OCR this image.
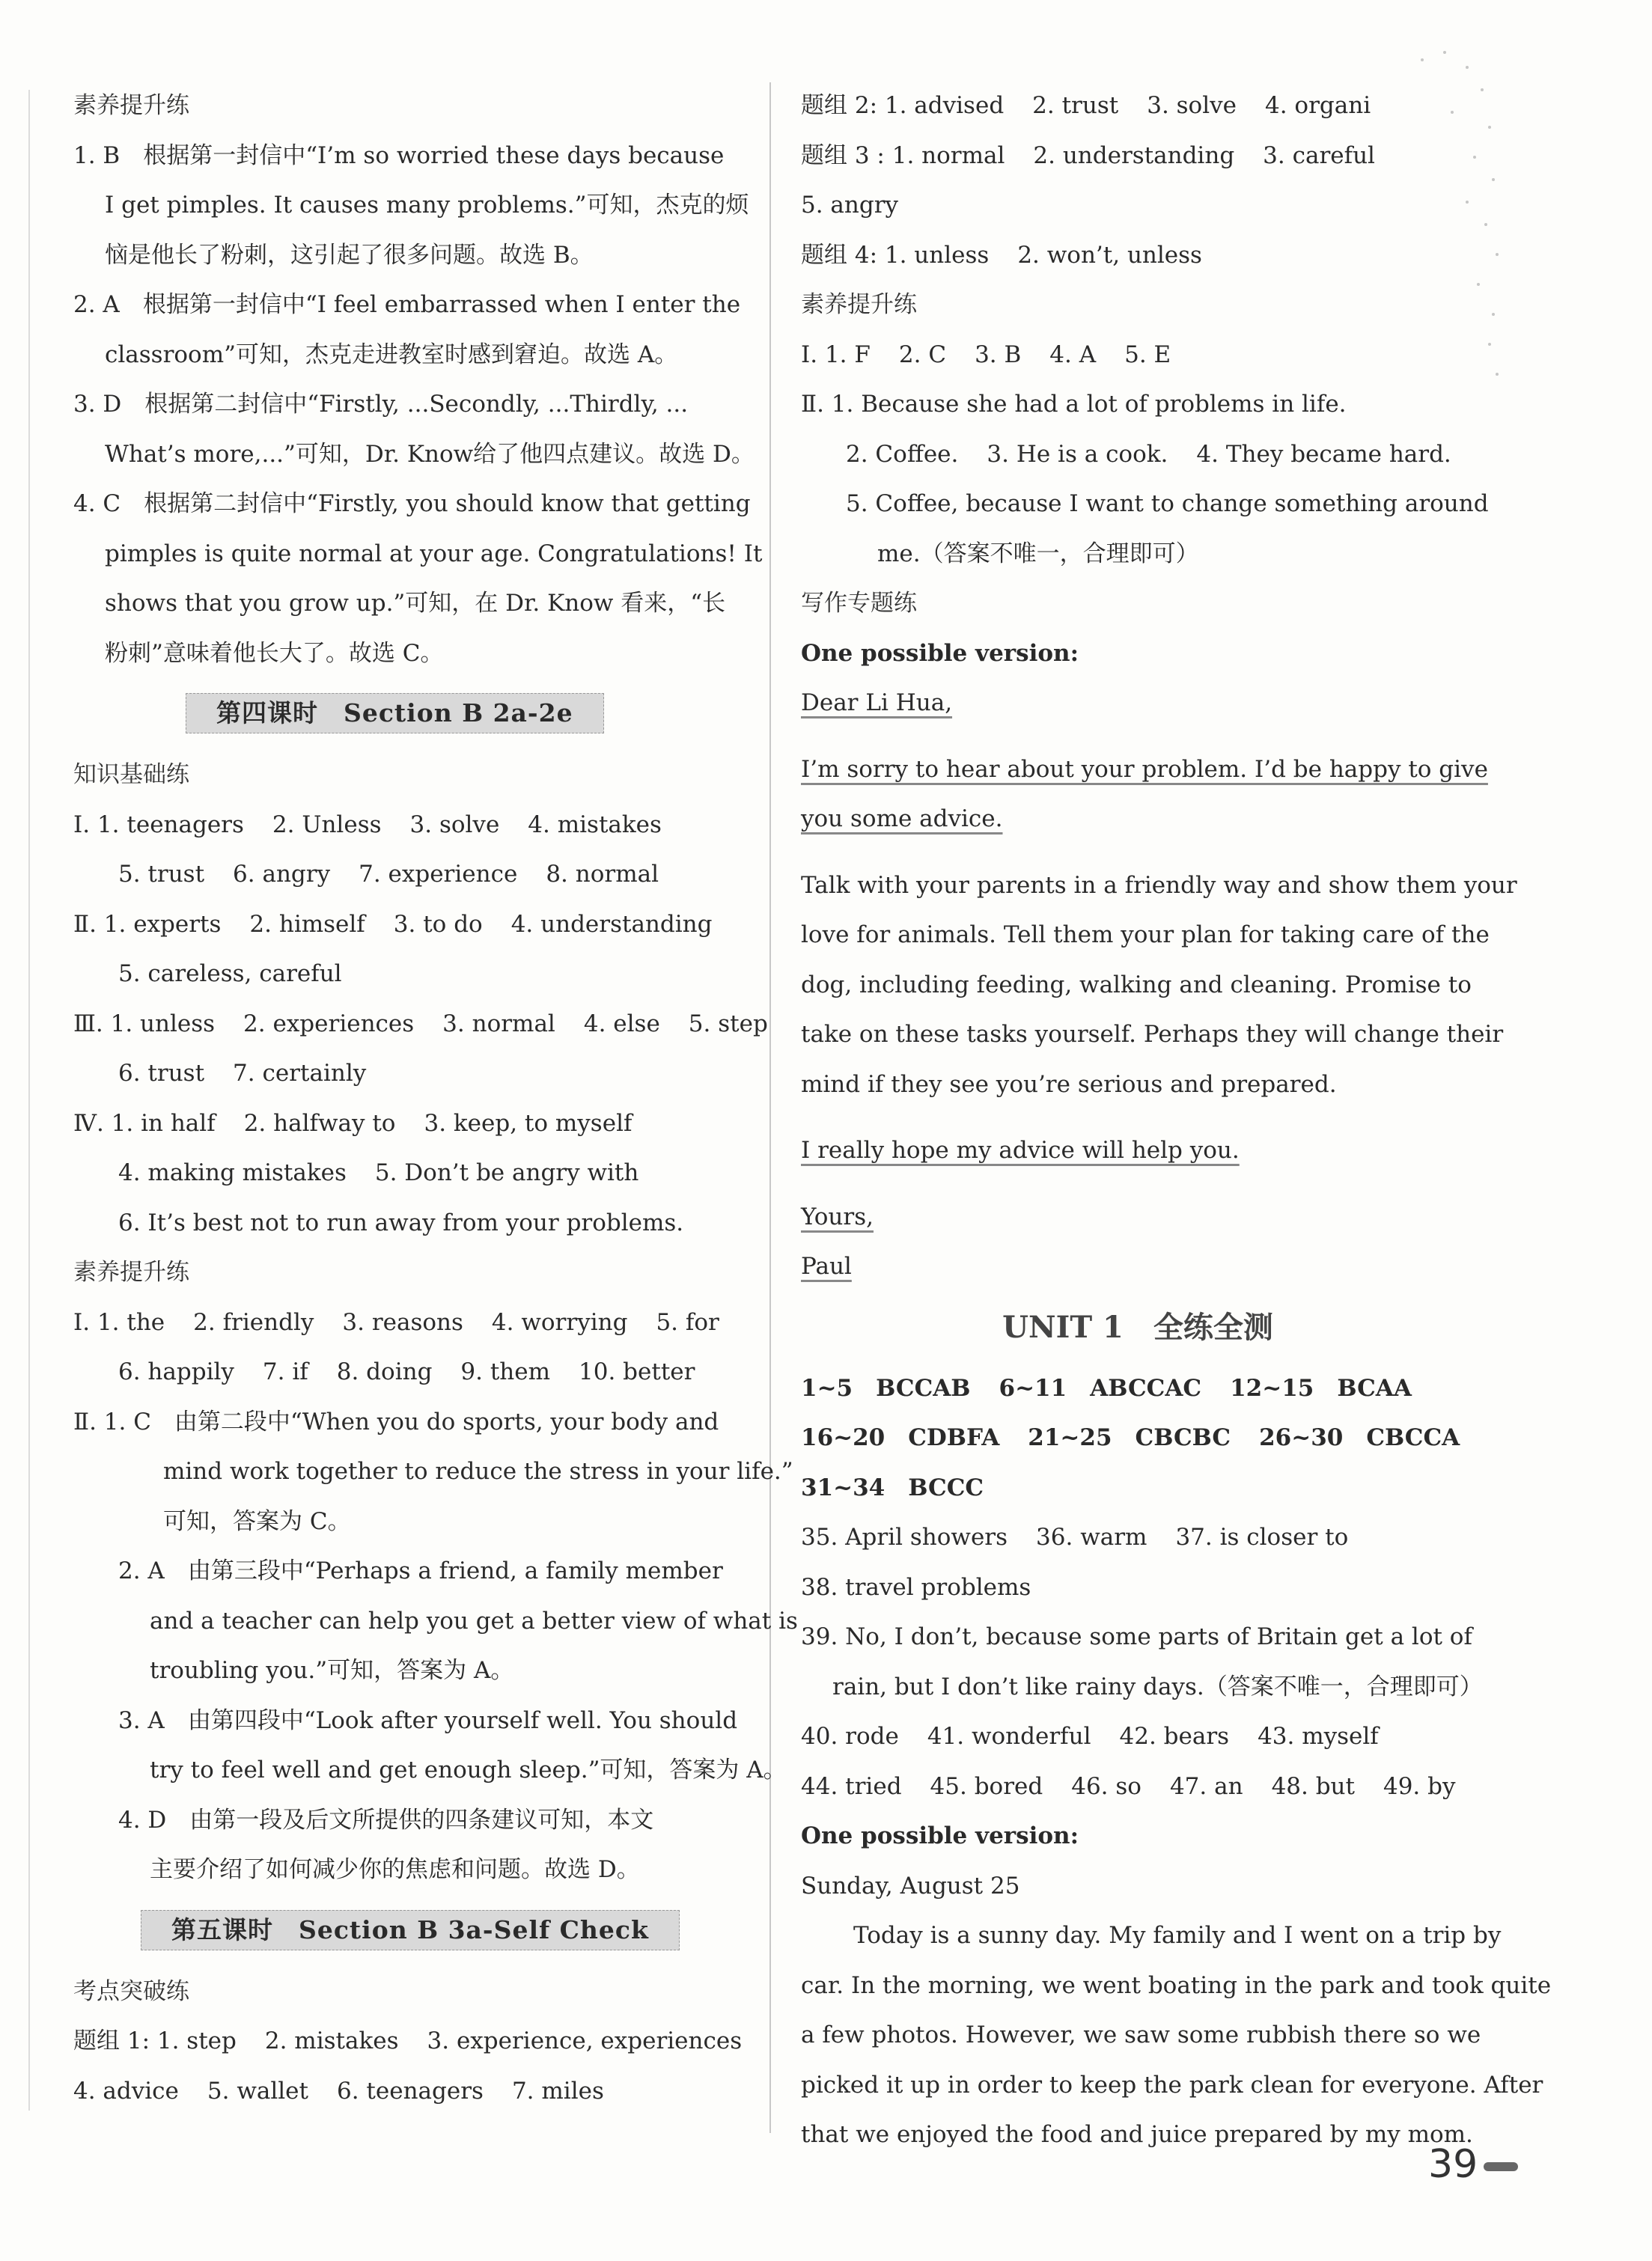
素养提升练
1. B　根据第一封信中“I’m so worried these days because
I get pimples. It causes many problems.”可知，杰克的烦
恼是他长了粉刺，这引起了很多问题。故选 B。
2. A　根据第一封信中“I feel embarrassed when I enter the
classroom”可知，杰克走进教室时感到窘迫。故选 A。
3. D　根据第二封信中“Firstly, ...Secondly, ...Thirdly, ...
What’s more,...”可知，Dr. Know给了他四点建议。故选 D。
4. C　根据第二封信中“Firstly, you should know that getting
pimples is quite normal at your age. Congratulations! It
shows that you grow up.”可知，在 Dr. Know 看来，“长
粉刺”意味着他长大了。故选 C。
第四课时　Section B 2a-2e
知识基础练
Ⅰ. 1. teenagers 2. Unless 3. solve 4. mistakes
5. trust 6. angry 7. experience 8. normal
Ⅱ. 1. experts 2. himself 3. to do 4. understanding
5. careless, careful
Ⅲ. 1. unless 2. experiences 3. normal 4. else 5. step
6. trust 7. certainly
Ⅳ. 1. in half 2. halfway to 3. keep, to myself
4. making mistakes 5. Don’t be angry with
6. It’s best not to run away from your problems.
素养提升练
Ⅰ. 1. the 2. friendly 3. reasons 4. worrying 5. for
6. happily 7. if 8. doing 9. them 10. better
Ⅱ. 1. C　由第二段中“When you do sports, your body and
mind work together to reduce the stress in your life.”
可知，答案为 C。
2. A　由第三段中“Perhaps a friend, a family member
and a teacher can help you get a better view of what is
troubling you.”可知，答案为 A。
3. A　由第四段中“Look after yourself well. You should
try to feel well and get enough sleep.”可知，答案为 A。
4. D　由第一段及后文所提供的四条建议可知，本文
主要介绍了如何减少你的焦虑和问题。故选 D。
第五课时　Section B 3a-Self Check
考点突破练
题组 1: 1. step 2. mistakes 3. experience, experiences
4. advice 5. wallet 6. teenagers 7. miles
题组 2: 1. advised 2. trust 3. solve 4. organi
题组 3 : 1. normal 2. understanding 3. careful
5. angry
题组 4: 1. unless 2. won’t, unless
素养提升练
Ⅰ. 1. F 2. C 3. B 4. A 5. E
Ⅱ. 1. Because she had a lot of problems in life.
2. Coffee. 3. He is a cook. 4. They became hard.
5. Coffee, because I want to change something around
me.（答案不唯一，合理即可）
写作专题练
One possible version:
Dear Li Hua,
I’m sorry to hear about your problem. I’d be happy to give
you some advice.
Talk with your parents in a friendly way and show them your
love for animals. Tell them your plan for taking care of the
dog, including feeding, walking and cleaning. Promise to
take on these tasks yourself. Perhaps they will change their
mind if they see you’re serious and prepared.
I really hope my advice will help you.
Yours,
Paul
UNIT 1　全练全测
1~5　BCCAB 6~11　ABCCAC 12~15　BCAA
16~20　CDBFA 21~25　CBCBC 26~30　CBCCA
31~34　BCCC
35. April showers 36. warm 37. is closer to
38. travel problems
39. No, I don’t, because some parts of Britain get a lot of
rain, but I don’t like rainy days.（答案不唯一，合理即可）
40. rode 41. wonderful 42. bears 43. myself
44. tried 45. bored 46. so 47. an 48. but 49. by
One possible version:
Sunday, August 25
Today is a sunny day. My family and I went on a trip by
car. In the morning, we went boating in the park and took quite
a few photos. However, we saw some rubbish there so we
picked it up in order to keep the park clean for everyone. After
that we enjoyed the food and juice prepared by my mom.
39
